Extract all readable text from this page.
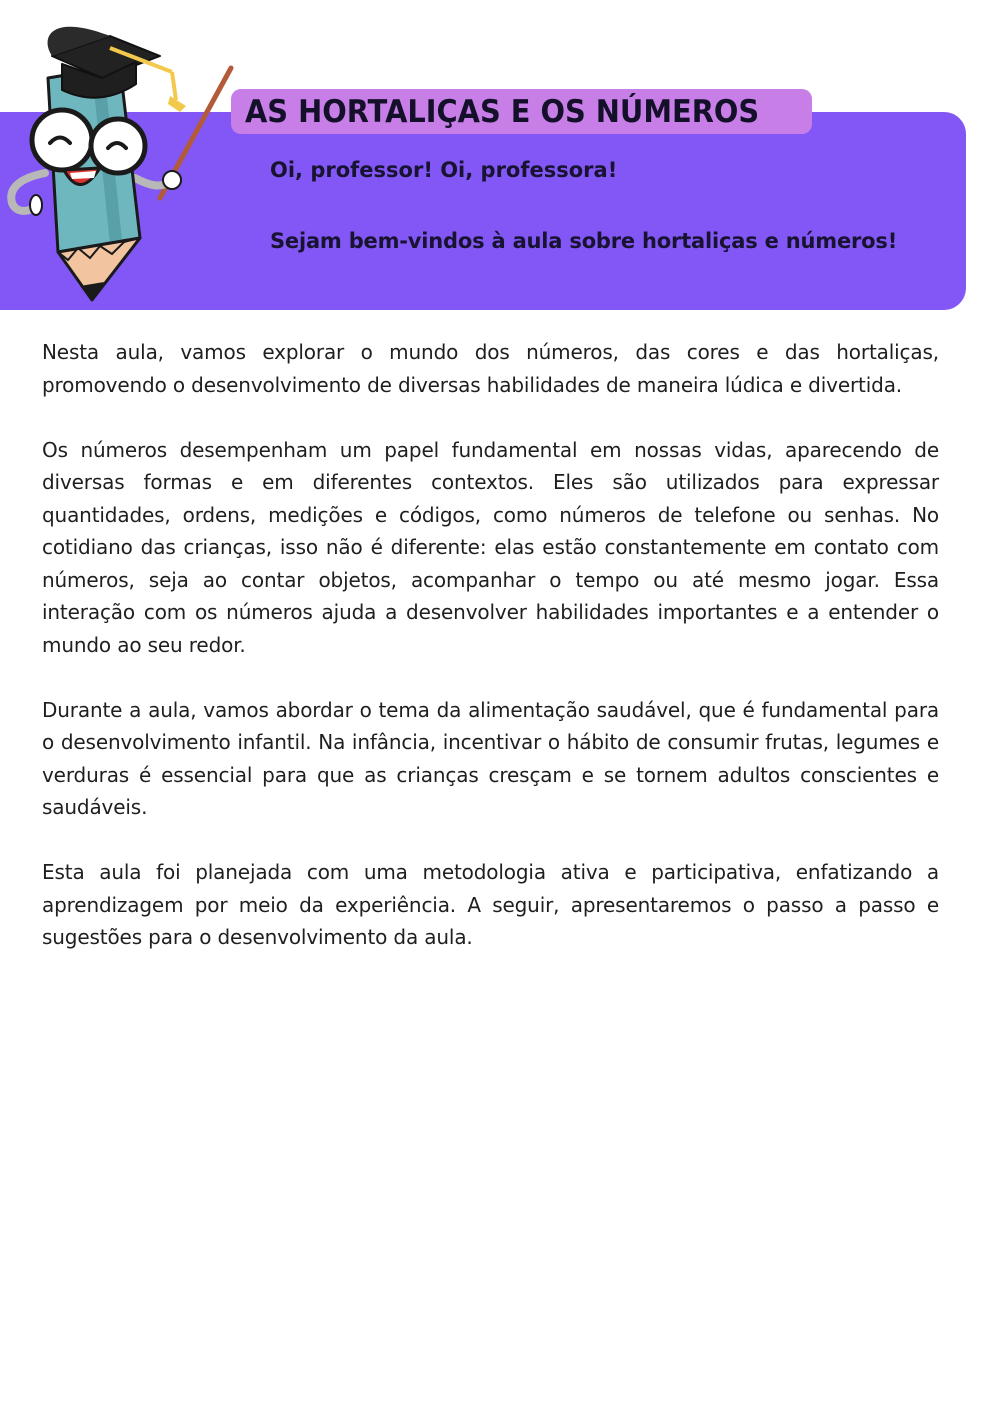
AS HORTALIÇAS E OS NÚMEROS

Oi, professor! Oi, professora!

Sejam bem-vindos à aula sobre hortaliças e números!

Nesta aula, vamos explorar o mundo dos números, das cores e das hortaliças, promovendo o desenvolvimento de diversas habilidades de maneira lúdica e divertida.

Os números desempenham um papel fundamental em nossas vidas, aparecendo de diversas formas e em diferentes contextos. Eles são utilizados para expressar quantidades, ordens, medições e códigos, como números de telefone ou senhas. No cotidiano das crianças, isso não é diferente: elas estão constantemente em contato com números, seja ao contar objetos, acompanhar o tempo ou até mesmo jogar. Essa interação com os números ajuda a desenvolver habilidades importantes e a entender o mundo ao seu redor.

Durante a aula, vamos abordar o tema da alimentação saudável, que é fundamental para o desenvolvimento infantil. Na infância, incentivar o hábito de consumir frutas, legumes e verduras é essencial para que as crianças cresçam e se tornem adultos conscientes e saudáveis.

Esta aula foi planejada com uma metodologia ativa e participativa, enfatizando a aprendizagem por meio da experiência. A seguir, apresentaremos o passo a passo e sugestões para o desenvolvimento da aula.
